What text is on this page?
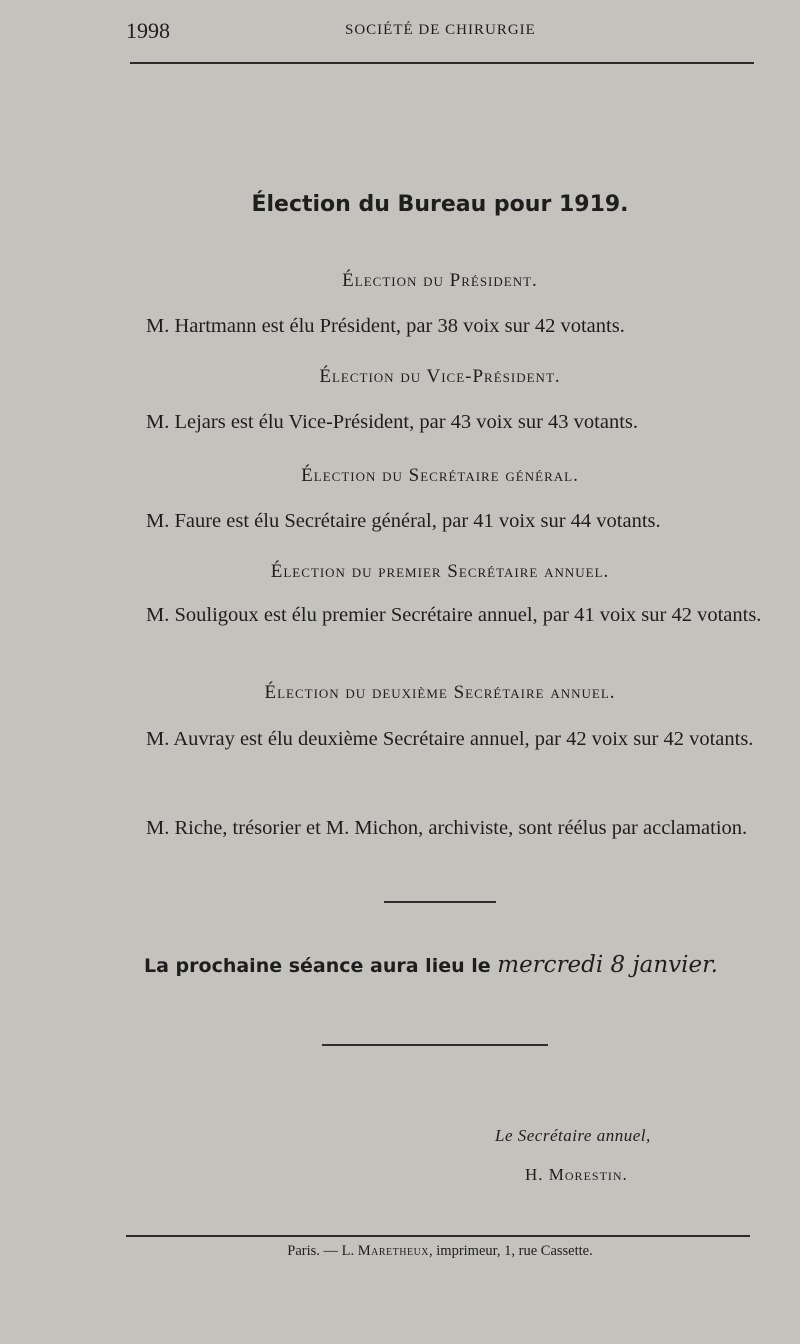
1998	SOCIÉTÉ DE CHIRURGIE
Élection du Bureau pour 1919.
Élection du Président.
M. Hartmann est élu Président, par 38 voix sur 42 votants.
Élection du Vice-Président.
M. Lejars est élu Vice-Président, par 43 voix sur 43 votants.
Élection du Secrétaire général.
M. Faure est élu Secrétaire général, par 41 voix sur 44 votants.
Élection du premier Secrétaire annuel.
M. Souligoux est élu premier Secrétaire annuel, par 41 voix sur 42 votants.
Élection du deuxième Secrétaire annuel.
M. Auvray est élu deuxième Secrétaire annuel, par 42 voix sur 42 votants.
M. Riche, trésorier et M. Michon, archiviste, sont réélus par acclamation.
La prochaine séance aura lieu le mercredi 8 janvier.
Le Secrétaire annuel,
H. Morestin.
Paris. — L. Maretheux, imprimeur, 1, rue Cassette.
